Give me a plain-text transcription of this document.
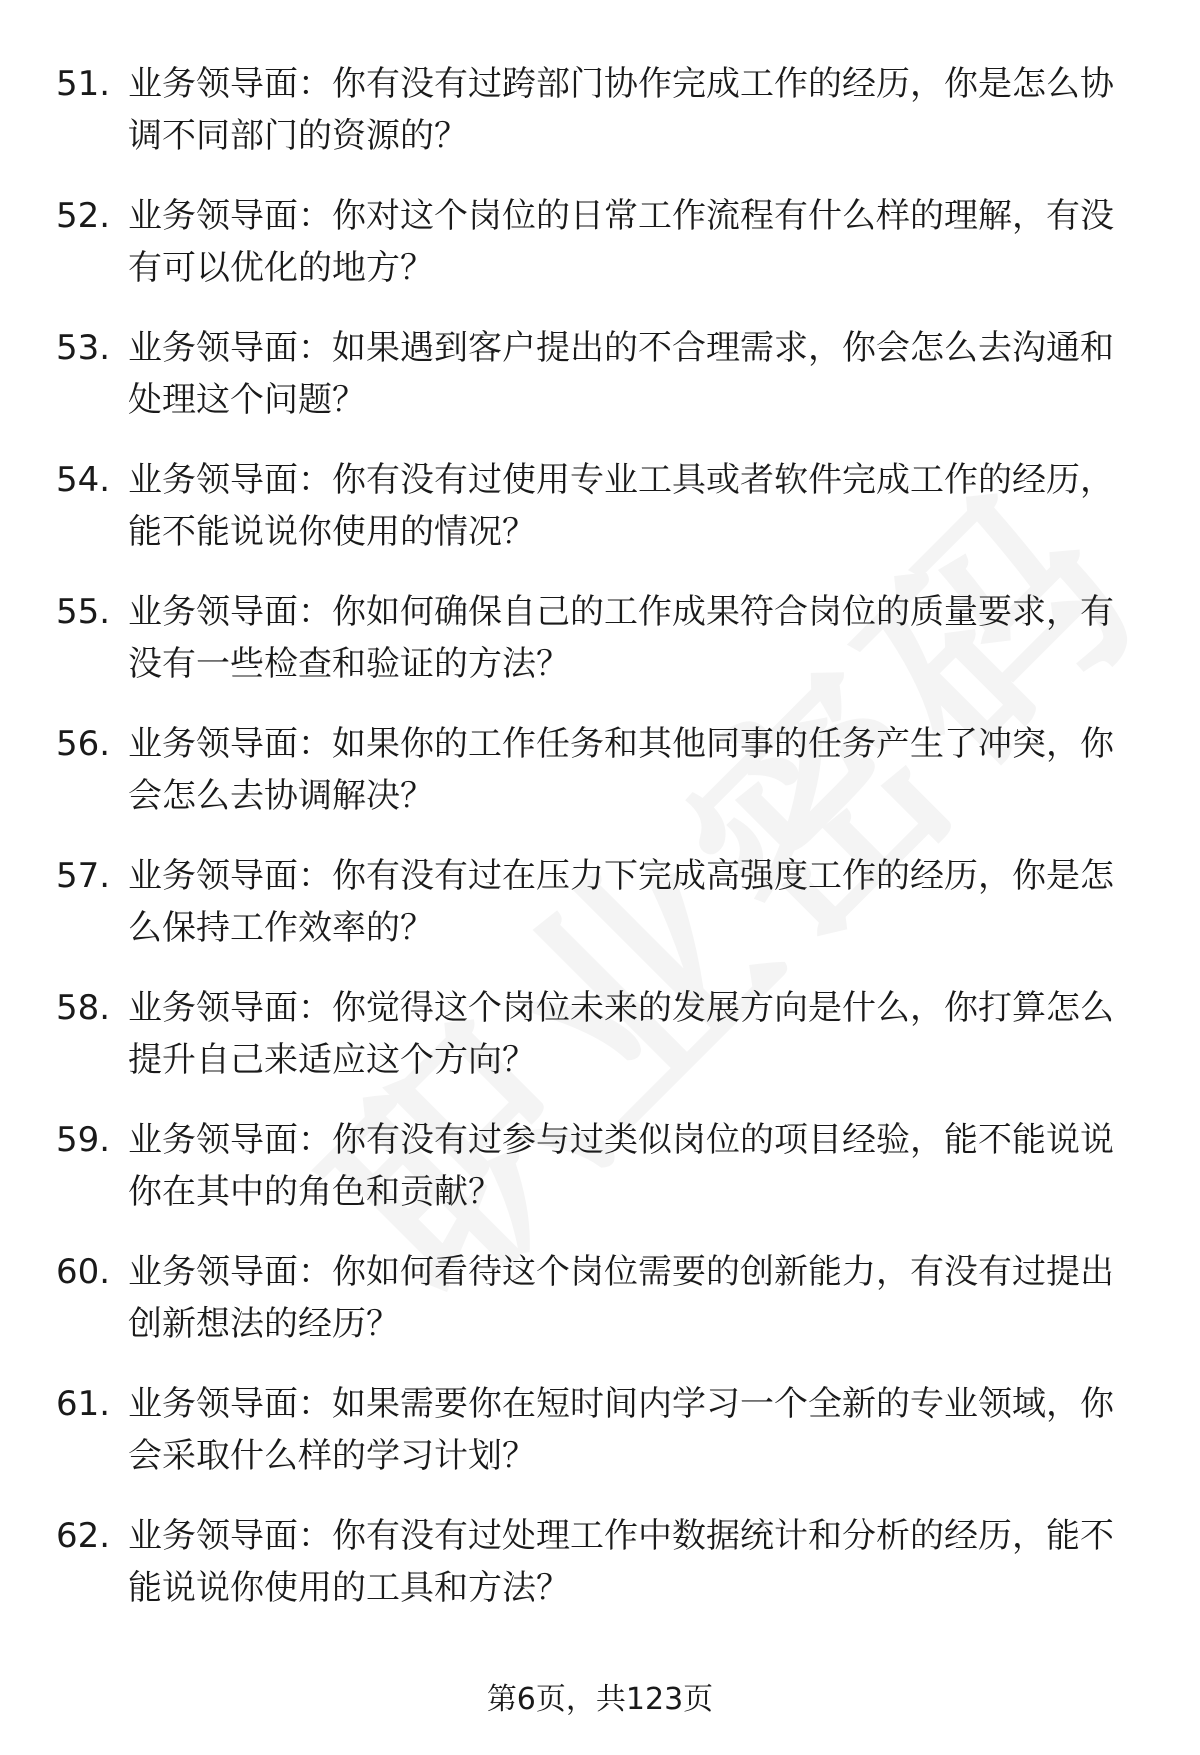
51. 业务领导面：你有没有过跨部门协作完成工作的经历，你是怎么协调不同部门的资源的？
52. 业务领导面：你对这个岗位的日常工作流程有什么样的理解，有没有可以优化的地方？
53. 业务领导面：如果遇到客户提出的不合理需求，你会怎么去沟通和处理这个问题？
54. 业务领导面：你有没有过使用专业工具或者软件完成工作的经历，能不能说说你使用的情况？
55. 业务领导面：你如何确保自己的工作成果符合岗位的质量要求，有没有一些检查和验证的方法？
56. 业务领导面：如果你的工作任务和其他同事的任务产生了冲突，你会怎么去协调解决？
57. 业务领导面：你有没有过在压力下完成高强度工作的经历，你是怎么保持工作效率的？
58. 业务领导面：你觉得这个岗位未来的发展方向是什么，你打算怎么提升自己来适应这个方向？
59. 业务领导面：你有没有过参与过类似岗位的项目经验，能不能说说你在其中的角色和贡献？
60. 业务领导面：你如何看待这个岗位需要的创新能力，有没有过提出创新想法的经历？
61. 业务领导面：如果需要你在短时间内学习一个全新的专业领域，你会采取什么样的学习计划？
62. 业务领导面：你有没有过处理工作中数据统计和分析的经历，能不能说说你使用的工具和方法？
第6页，共123页
